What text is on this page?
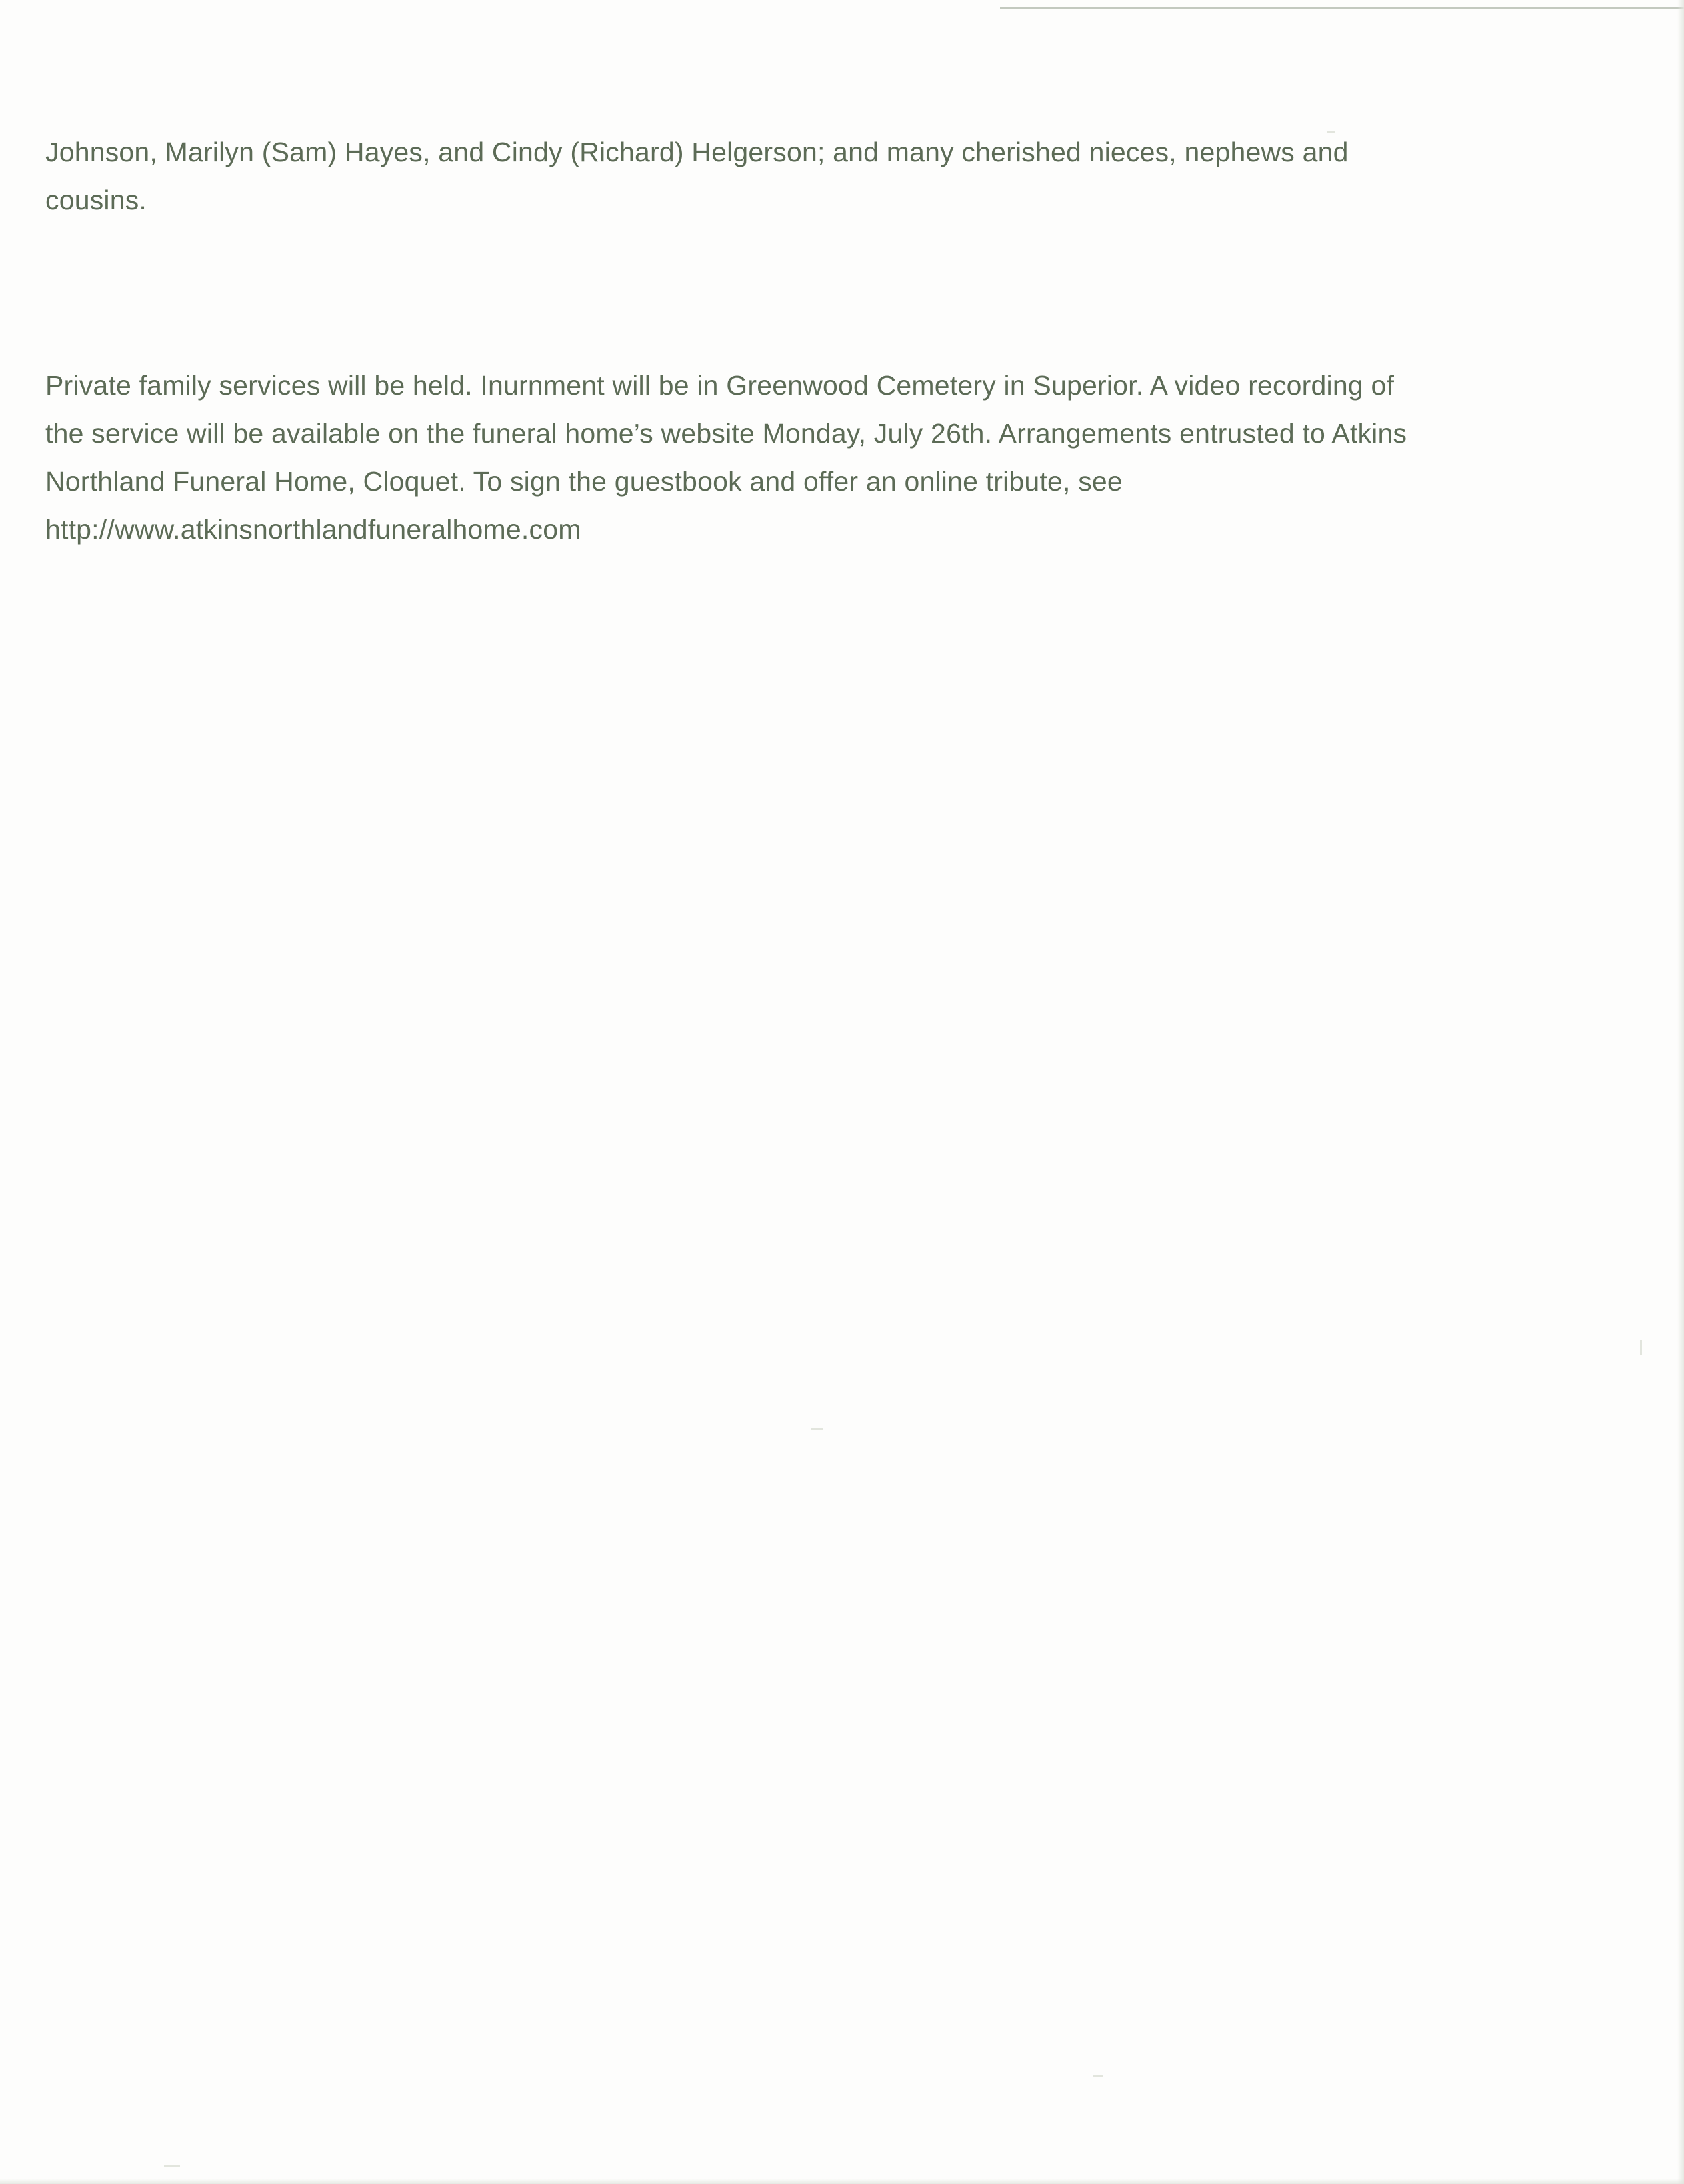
Johnson, Marilyn (Sam) Hayes, and Cindy (Richard) Helgerson; and many cherished nieces, nephews and cousins.

Private family services will be held. Inurnment will be in Greenwood Cemetery in Superior. A video recording of the service will be available on the funeral home’s website Monday, July 26th. Arrangements entrusted to Atkins Northland Funeral Home, Cloquet. To sign the guestbook and offer an online tribute, see http://www.atkinsnorthlandfuneralhome.com
